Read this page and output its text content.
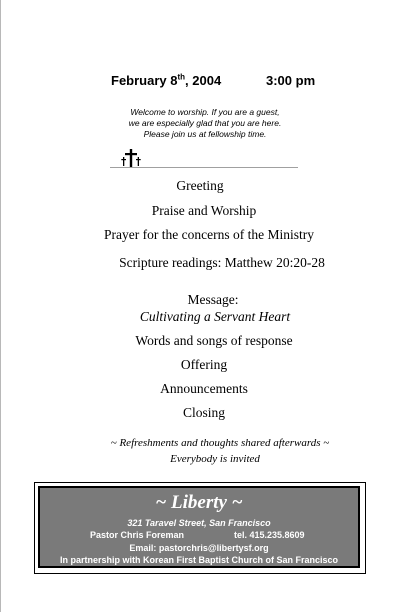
February 8th, 2004	3:00 pm
Welcome to worship. If you are a guest,
we are especially glad that you are here.
Please join us at fellowship time.
Greeting
Praise and Worship
Prayer for the concerns of the Ministry
Scripture readings: Matthew 20:20-28
Message:
Cultivating a Servant Heart
Words and songs of response
Offering
Announcements
Closing
~ Refreshments and thoughts shared afterwards ~
Everybody is invited
~ Liberty ~
321 Taravel Street, San Francisco
Pastor Chris Foreman	tel. 415.235.8609
Email: pastorchris@libertysf.org
In partnership with Korean First Baptist Church of San Francisco
